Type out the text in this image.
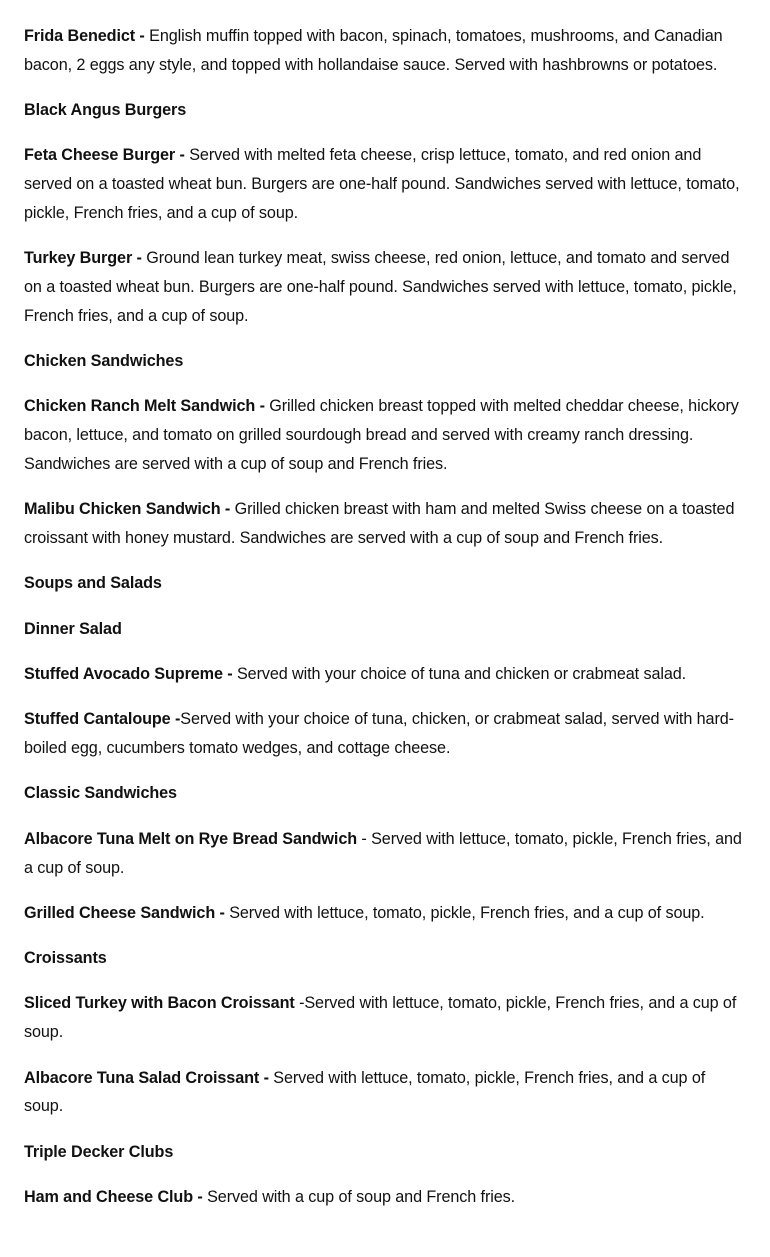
Frida Benedict - English muffin topped with bacon, spinach, tomatoes, mushrooms, and Canadian bacon, 2 eggs any style, and topped with hollandaise sauce. Served with hashbrowns or potatoes.

Black Angus Burgers

Feta Cheese Burger - Served with melted feta cheese, crisp lettuce, tomato, and red onion and served on a toasted wheat bun. Burgers are one-half pound. Sandwiches served with lettuce, tomato, pickle, French fries, and a cup of soup.

Turkey Burger - Ground lean turkey meat, swiss cheese, red onion, lettuce, and tomato and served on a toasted wheat bun. Burgers are one-half pound. Sandwiches served with lettuce, tomato, pickle, French fries, and a cup of soup.

Chicken Sandwiches

Chicken Ranch Melt Sandwich - Grilled chicken breast topped with melted cheddar cheese, hickory bacon, lettuce, and tomato on grilled sourdough bread and served with creamy ranch dressing. Sandwiches are served with a cup of soup and French fries.

Malibu Chicken Sandwich - Grilled chicken breast with ham and melted Swiss cheese on a toasted croissant with honey mustard. Sandwiches are served with a cup of soup and French fries.

Soups and Salads

Dinner Salad

Stuffed Avocado Supreme - Served with your choice of tuna and chicken or crabmeat salad.

Stuffed Cantaloupe -Served with your choice of tuna, chicken, or crabmeat salad, served with hard-boiled egg, cucumbers tomato wedges, and cottage cheese.

Classic Sandwiches

Albacore Tuna Melt on Rye Bread Sandwich - Served with lettuce, tomato, pickle, French fries, and a cup of soup.

Grilled Cheese Sandwich - Served with lettuce, tomato, pickle, French fries, and a cup of soup.

Croissants

Sliced Turkey with Bacon Croissant -Served with lettuce, tomato, pickle, French fries, and a cup of soup.

Albacore Tuna Salad Croissant - Served with lettuce, tomato, pickle, French fries, and a cup of soup.

Triple Decker Clubs

Ham and Cheese Club - Served with a cup of soup and French fries.
